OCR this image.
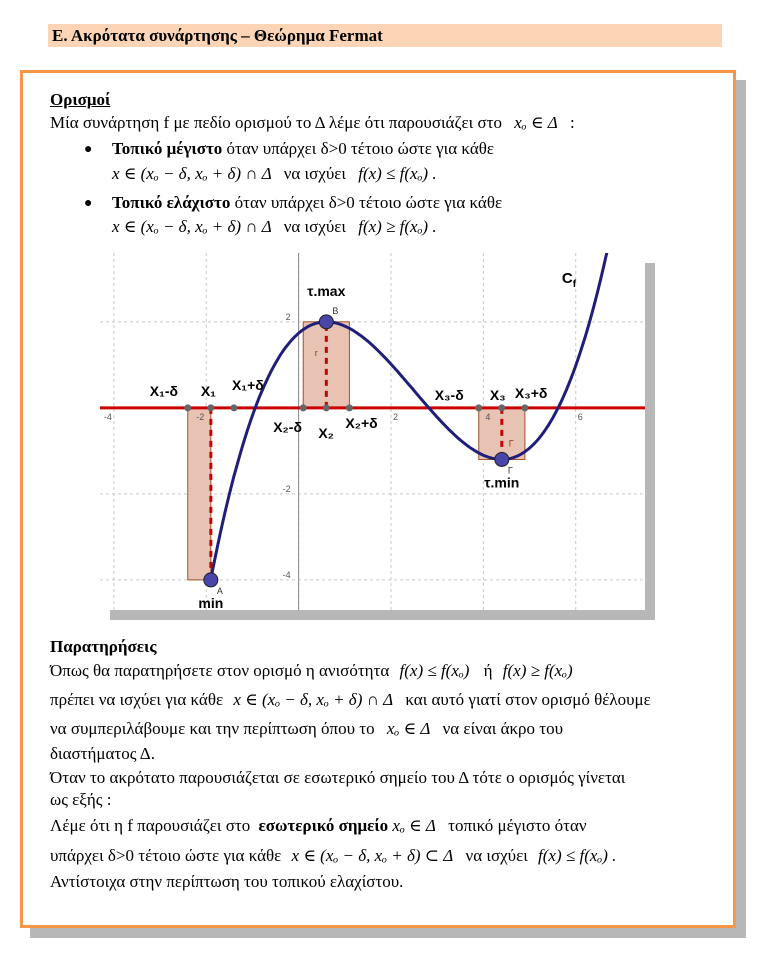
Ε. Ακρότατα συνάρτησης – Θεώρημα Fermat
Ορισμοί
Μία συνάρτηση f με πεδίο ορισμού το Δ λέμε ότι παρουσιάζει στο xₒ ∈ Δ :
● Τοπικό μέγιστο όταν υπάρχει δ>0 τέτοιο ώστε για κάθε
x ∈ (xₒ − δ, xₒ + δ) ∩ Δ να ισχύει f(x) ≤ f(xₒ) .
● Τοπικό ελάχιστο όταν υπάρχει δ>0 τέτοιο ώστε για κάθε
x ∈ (xₒ − δ, xₒ + δ) ∩ Δ να ισχύει f(x) ≥ f(xₒ) .
-4	-2	2	4	6
2
-2
-4
A
B
Γ
min
τ.max
τ.min
X₁-δ X₁ X₁+δ
X₂-δ X₂
X₂+δ
X₃-δ X₃ X₃+δ
r
Γ
$C_f$
Παρατηρήσεις
Όπως θα παρατηρήσετε στον ορισμό η ανισότητα f(x) ≤ f(xₒ) ή f(x) ≥ f(xₒ)
πρέπει να ισχύει για κάθε x ∈ (xₒ − δ, xₒ + δ) ∩ Δ και αυτό γιατί στον ορισμό θέλουμε
να συμπεριλάβουμε και την περίπτωση όπου το xₒ ∈ Δ να είναι άκρο του
διαστήματος Δ.
Όταν το ακρότατο παρουσιάζεται σε εσωτερικό σημείο του Δ τότε ο ορισμός γίνεται
ως εξής :
Λέμε ότι η f παρουσιάζει στο εσωτερικό σημείο xₒ ∈ Δ τοπικό μέγιστο όταν
υπάρχει δ>0 τέτοιο ώστε για κάθε x ∈ (xₒ − δ, xₒ + δ) ⊂ Δ να ισχύει f(x) ≤ f(xₒ) .
Αντίστοιχα στην περίπτωση του τοπικού ελαχίστου.
